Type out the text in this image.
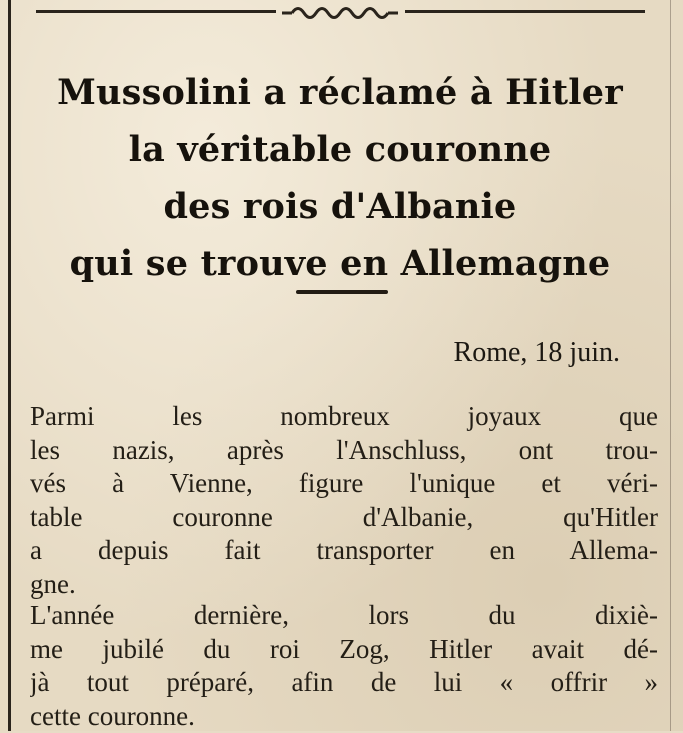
Mussolini a réclamé à Hitler
la véritable couronne
des rois d'Albanie
qui se trouve en Allemagne
Rome, 18 juin.

Parmi les nombreux joyaux que
les nazis, après l'Anschluss, ont trou-
vés à Vienne, figure l'unique et véri-
table couronne d'Albanie, qu'Hitler
a depuis fait transporter en Allema-
gne.

L'année dernière, lors du dixiè-
me jubilé du roi Zog, Hitler avait dé-
jà tout préparé, afin de lui « offrir »
cette couronne.
